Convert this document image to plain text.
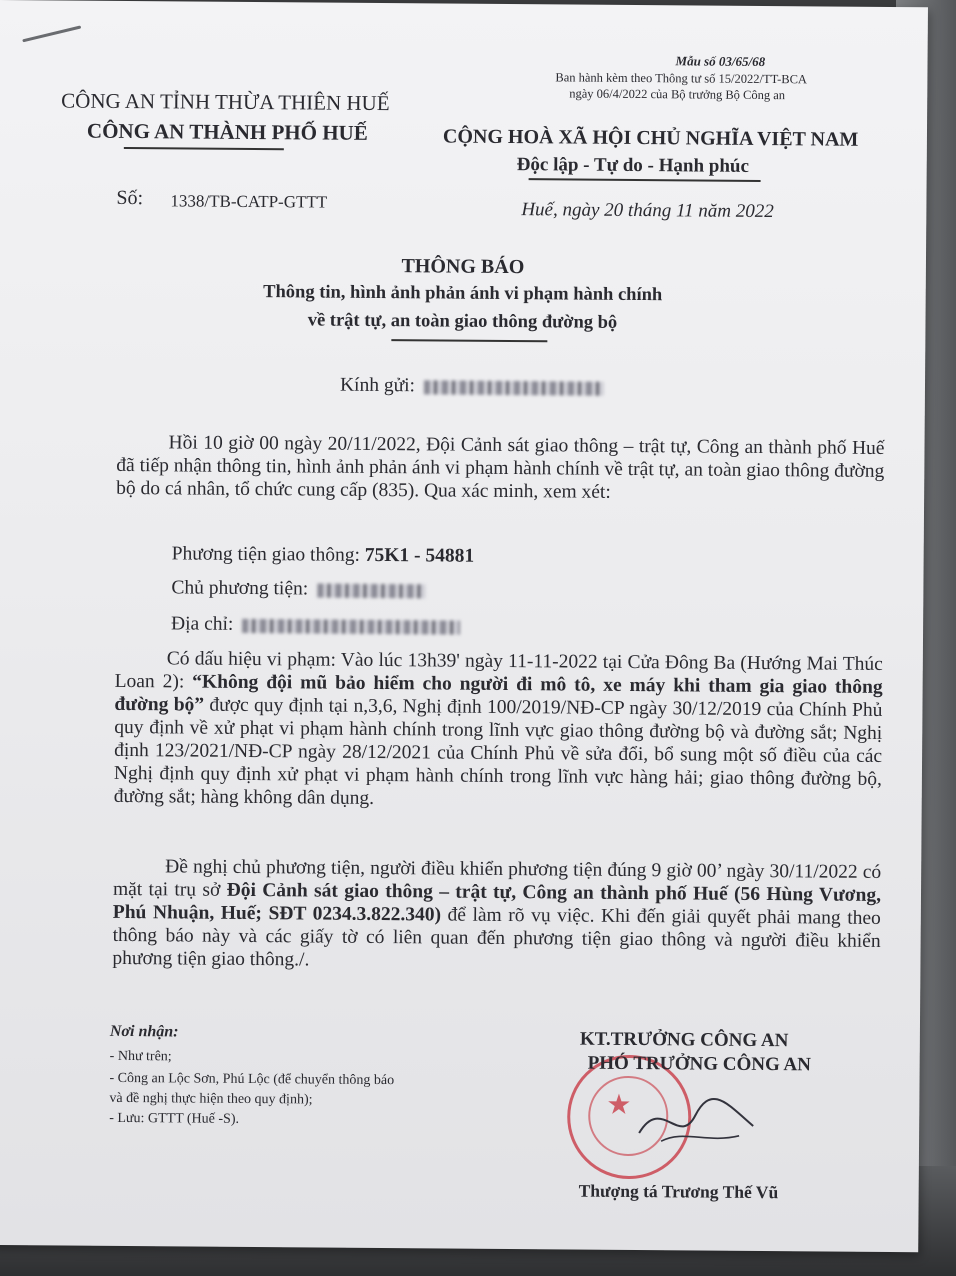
Mẫu số 03/65/68
Ban hành kèm theo Thông tư số 15/2022/TT-BCA
ngày 06/4/2022 của Bộ trưởng Bộ Công an
CÔNG AN TỈNH THỪA THIÊN HUẾ
CÔNG AN THÀNH PHỐ HUẾ	CỘNG HOÀ XÃ HỘI CHỦ NGHĨA VIỆT NAM
Độc lập - Tự do - Hạnh phúc
Số: 1338/TB-CATP-GTTT	Huế, ngày 20 tháng 11 năm 2022
THÔNG BÁO
Thông tin, hình ảnh phản ánh vi phạm hành chính
về trật tự, an toàn giao thông đường bộ
Kính gửi:
Hồi 10 giờ 00 ngày 20/11/2022, Đội Cảnh sát giao thông – trật tự, Công an thành phố Huế đã tiếp nhận thông tin, hình ảnh phản ánh vi phạm hành chính về trật tự, an toàn giao thông đường bộ do cá nhân, tổ chức cung cấp (835). Qua xác minh, xem xét:
Phương tiện giao thông: 75K1 - 54881
Chủ phương tiện:
Địa chỉ:
Có dấu hiệu vi phạm: Vào lúc 13h39' ngày 11-11-2022 tại Cửa Đông Ba (Hướng Mai Thúc Loan 2): “Không đội mũ bảo hiểm cho người đi mô tô, xe máy khi tham gia giao thông đường bộ” được quy định tại n,3,6, Nghị định 100/2019/NĐ-CP ngày 30/12/2019 của Chính Phủ quy định về xử phạt vi phạm hành chính trong lĩnh vực giao thông đường bộ và đường sắt; Nghị định 123/2021/NĐ-CP ngày 28/12/2021 của Chính Phủ về sửa đổi, bổ sung một số điều của các Nghị định quy định xử phạt vi phạm hành chính trong lĩnh vực hàng hải; giao thông đường bộ, đường sắt; hàng không dân dụng.
Đề nghị chủ phương tiện, người điều khiển phương tiện đúng 9 giờ 00’ ngày 30/11/2022 có mặt tại trụ sở Đội Cảnh sát giao thông – trật tự, Công an thành phố Huế (56 Hùng Vương, Phú Nhuận, Huế; SĐT 0234.3.822.340) để làm rõ vụ việc. Khi đến giải quyết phải mang theo thông báo này và các giấy tờ có liên quan đến phương tiện giao thông và người điều khiển phương tiện giao thông./.
Nơi nhận:
- Như trên;
- Công an Lộc Sơn, Phú Lộc (để chuyển thông báo
và đề nghị thực hiện theo quy định);
- Lưu: GTTT (Huế -S).	★
KT.TRƯỞNG CÔNG AN
PHÓ TRƯỞNG CÔNG AN
Thượng tá Trương Thế Vũ
